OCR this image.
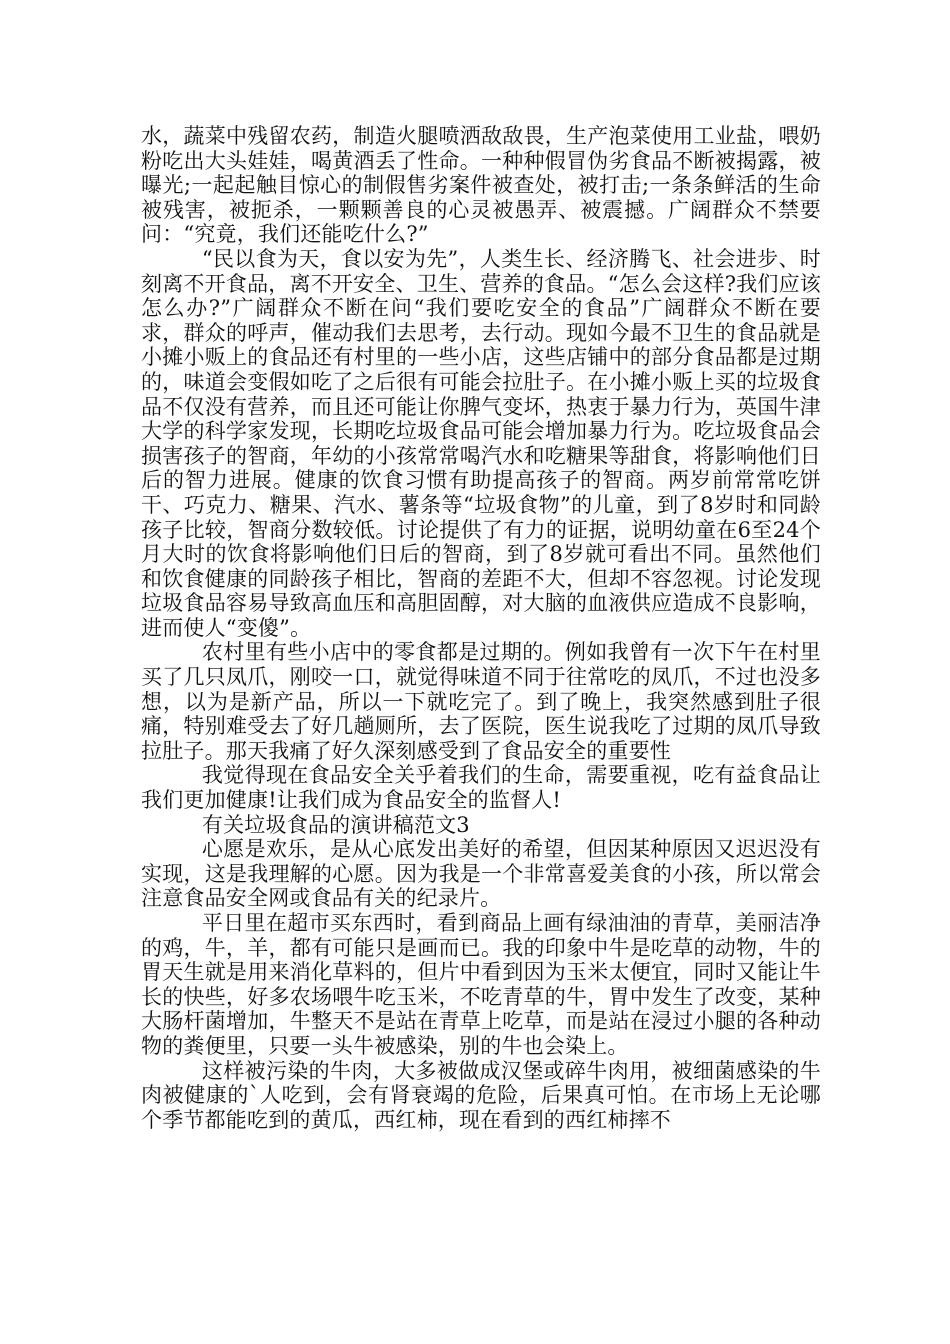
水，蔬菜中残留农药，制造火腿喷洒敌敌畏，生产泡菜使用工业盐，喂奶粉吃出大头娃娃，喝黄酒丢了性命。一种种假冒伪劣食品不断被揭露，被曝光;一起起触目惊心的制假售劣案件被查处，被打击;一条条鲜活的生命被残害，被扼杀，一颗颗善良的心灵被愚弄、被震撼。广阔群众不禁要问：“究竟，我们还能吃什么?”

“民以食为天，食以安为先”，人类生长、经济腾飞、社会进步、时刻离不开食品，离不开安全、卫生、营养的食品。“怎么会这样?我们应该怎么办?”广阔群众不断在问“我们要吃安全的食品”广阔群众不断在要求，群众的呼声，催动我们去思考，去行动。现如今最不卫生的食品就是小摊小贩上的食品还有村里的一些小店，这些店铺中的部分食品都是过期的，味道会变假如吃了之后很有可能会拉肚子。在小摊小贩上买的垃圾食品不仅没有营养，而且还可能让你脾气变坏，热衷于暴力行为，英国牛津大学的科学家发现，长期吃垃圾食品可能会增加暴力行为。吃垃圾食品会损害孩子的智商，年幼的小孩常常喝汽水和吃糖果等甜食，将影响他们日后的智力进展。健康的饮食习惯有助提高孩子的智商。两岁前常常吃饼干、巧克力、糖果、汽水、薯条等“垃圾食物”的儿童，到了8岁时和同龄孩子比较，智商分数较低。讨论提供了有力的证据，说明幼童在6至24个月大时的饮食将影响他们日后的智商，到了8岁就可看出不同。虽然他们和饮食健康的同龄孩子相比，智商的差距不大，但却不容忽视。讨论发现垃圾食品容易导致高血压和高胆固醇，对大脑的血液供应造成不良影响，进而使人“变傻”。

农村里有些小店中的零食都是过期的。例如我曾有一次下午在村里买了几只凤爪，刚咬一口，就觉得味道不同于往常吃的凤爪，不过也没多想，以为是新产品，所以一下就吃完了。到了晚上，我突然感到肚子很痛，特别难受去了好几趟厕所，去了医院，医生说我吃了过期的凤爪导致拉肚子。那天我痛了好久深刻感受到了食品安全的重要性

我觉得现在食品安全关乎着我们的生命，需要重视，吃有益食品让我们更加健康!让我们成为食品安全的监督人!

有关垃圾食品的演讲稿范文3

心愿是欢乐，是从心底发出美好的希望，但因某种原因又迟迟没有实现，这是我理解的心愿。因为我是一个非常喜爱美食的小孩，所以常会注意食品安全网或食品有关的纪录片。

平日里在超市买东西时，看到商品上画有绿油油的青草，美丽洁净的鸡，牛，羊，都有可能只是画而已。我的印象中牛是吃草的动物，牛的胃天生就是用来消化草料的，但片中看到因为玉米太便宜，同时又能让牛长的快些，好多农场喂牛吃玉米，不吃青草的牛，胃中发生了改变，某种大肠杆菌增加，牛整天不是站在青草上吃草，而是站在浸过小腿的各种动物的粪便里，只要一头牛被感染，别的牛也会染上。

这样被污染的牛肉，大多被做成汉堡或碎牛肉用，被细菌感染的牛肉被健康的`人吃到，会有肾衰竭的危险，后果真可怕。在市场上无论哪个季节都能吃到的黄瓜，西红柿，现在看到的西红柿摔不
